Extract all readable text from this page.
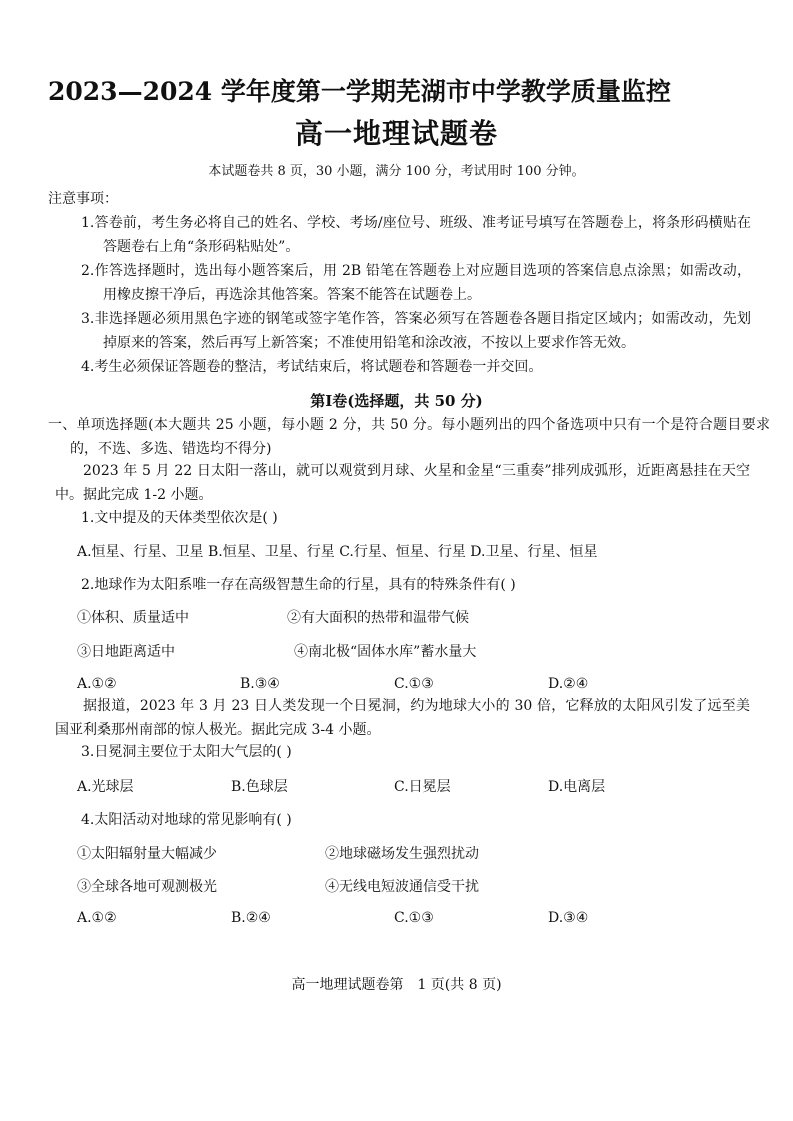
2023—2024 学年度第一学期芜湖市中学教学质量监控
高一地理试题卷
本试题卷共 8 页，30 小题，满分 100 分，考试用时 100 分钟。
注意事项：
1.答卷前，考生务必将自己的姓名、学校、考场/座位号、班级、准考证号填写在答题卷上，将条形码横贴在答题卷右上角“条形码粘贴处”。
2.作答选择题时，选出每小题答案后，用 2B 铅笔在答题卷上对应题目选项的答案信息点涂黑；如需改动，用橡皮擦干净后，再选涂其他答案。答案不能答在试题卷上。
3.非选择题必须用黑色字迹的钢笔或签字笔作答，答案必须写在答题卷各题目指定区域内；如需改动，先划掉原来的答案，然后再写上新答案；不准使用铅笔和涂改液，不按以上要求作答无效。
4.考生必须保证答题卷的整洁，考试结束后，将试题卷和答题卷一并交回。
第Ⅰ卷(选择题，共 50 分)
一、单项选择题(本大题共 25 小题，每小题 2 分，共 50 分。每小题列出的四个备选项中只有一个是符合题目要求的，不选、多选、错选均不得分)
2023 年 5 月 22 日太阳一落山，就可以观赏到月球、火星和金星“三重奏”排列成弧形，近距离悬挂在天空中。据此完成 1-2 小题。
1.文中提及的天体类型依次是( )
A.恒星、行星、卫星 B.恒星、卫星、行星 C.行星、恒星、行星 D.卫星、行星、恒星
2.地球作为太阳系唯一存在高级智慧生命的行星，具有的特殊条件有( )
①体积、质量适中	②有大面积的热带和温带气候
③日地距离适中	④南北极“固体水库”蓄水量大
A.①②	B.③④	C.①③	D.②④
据报道，2023 年 3 月 23 日人类发现一个日冕洞，约为地球大小的 30 倍，它释放的太阳风引发了远至美国亚利桑那州南部的惊人极光。据此完成 3-4 小题。
3.日冕洞主要位于太阳大气层的( )
A.光球层	B.色球层	C.日冕层	D.电离层
4.太阳活动对地球的常见影响有( )
①太阳辐射量大幅减少	②地球磁场发生强烈扰动
③全球各地可观测极光	④无线电短波通信受干扰
A.①②	B.②④	C.①③	D.③④
高一地理试题卷第　1 页(共 8 页)
